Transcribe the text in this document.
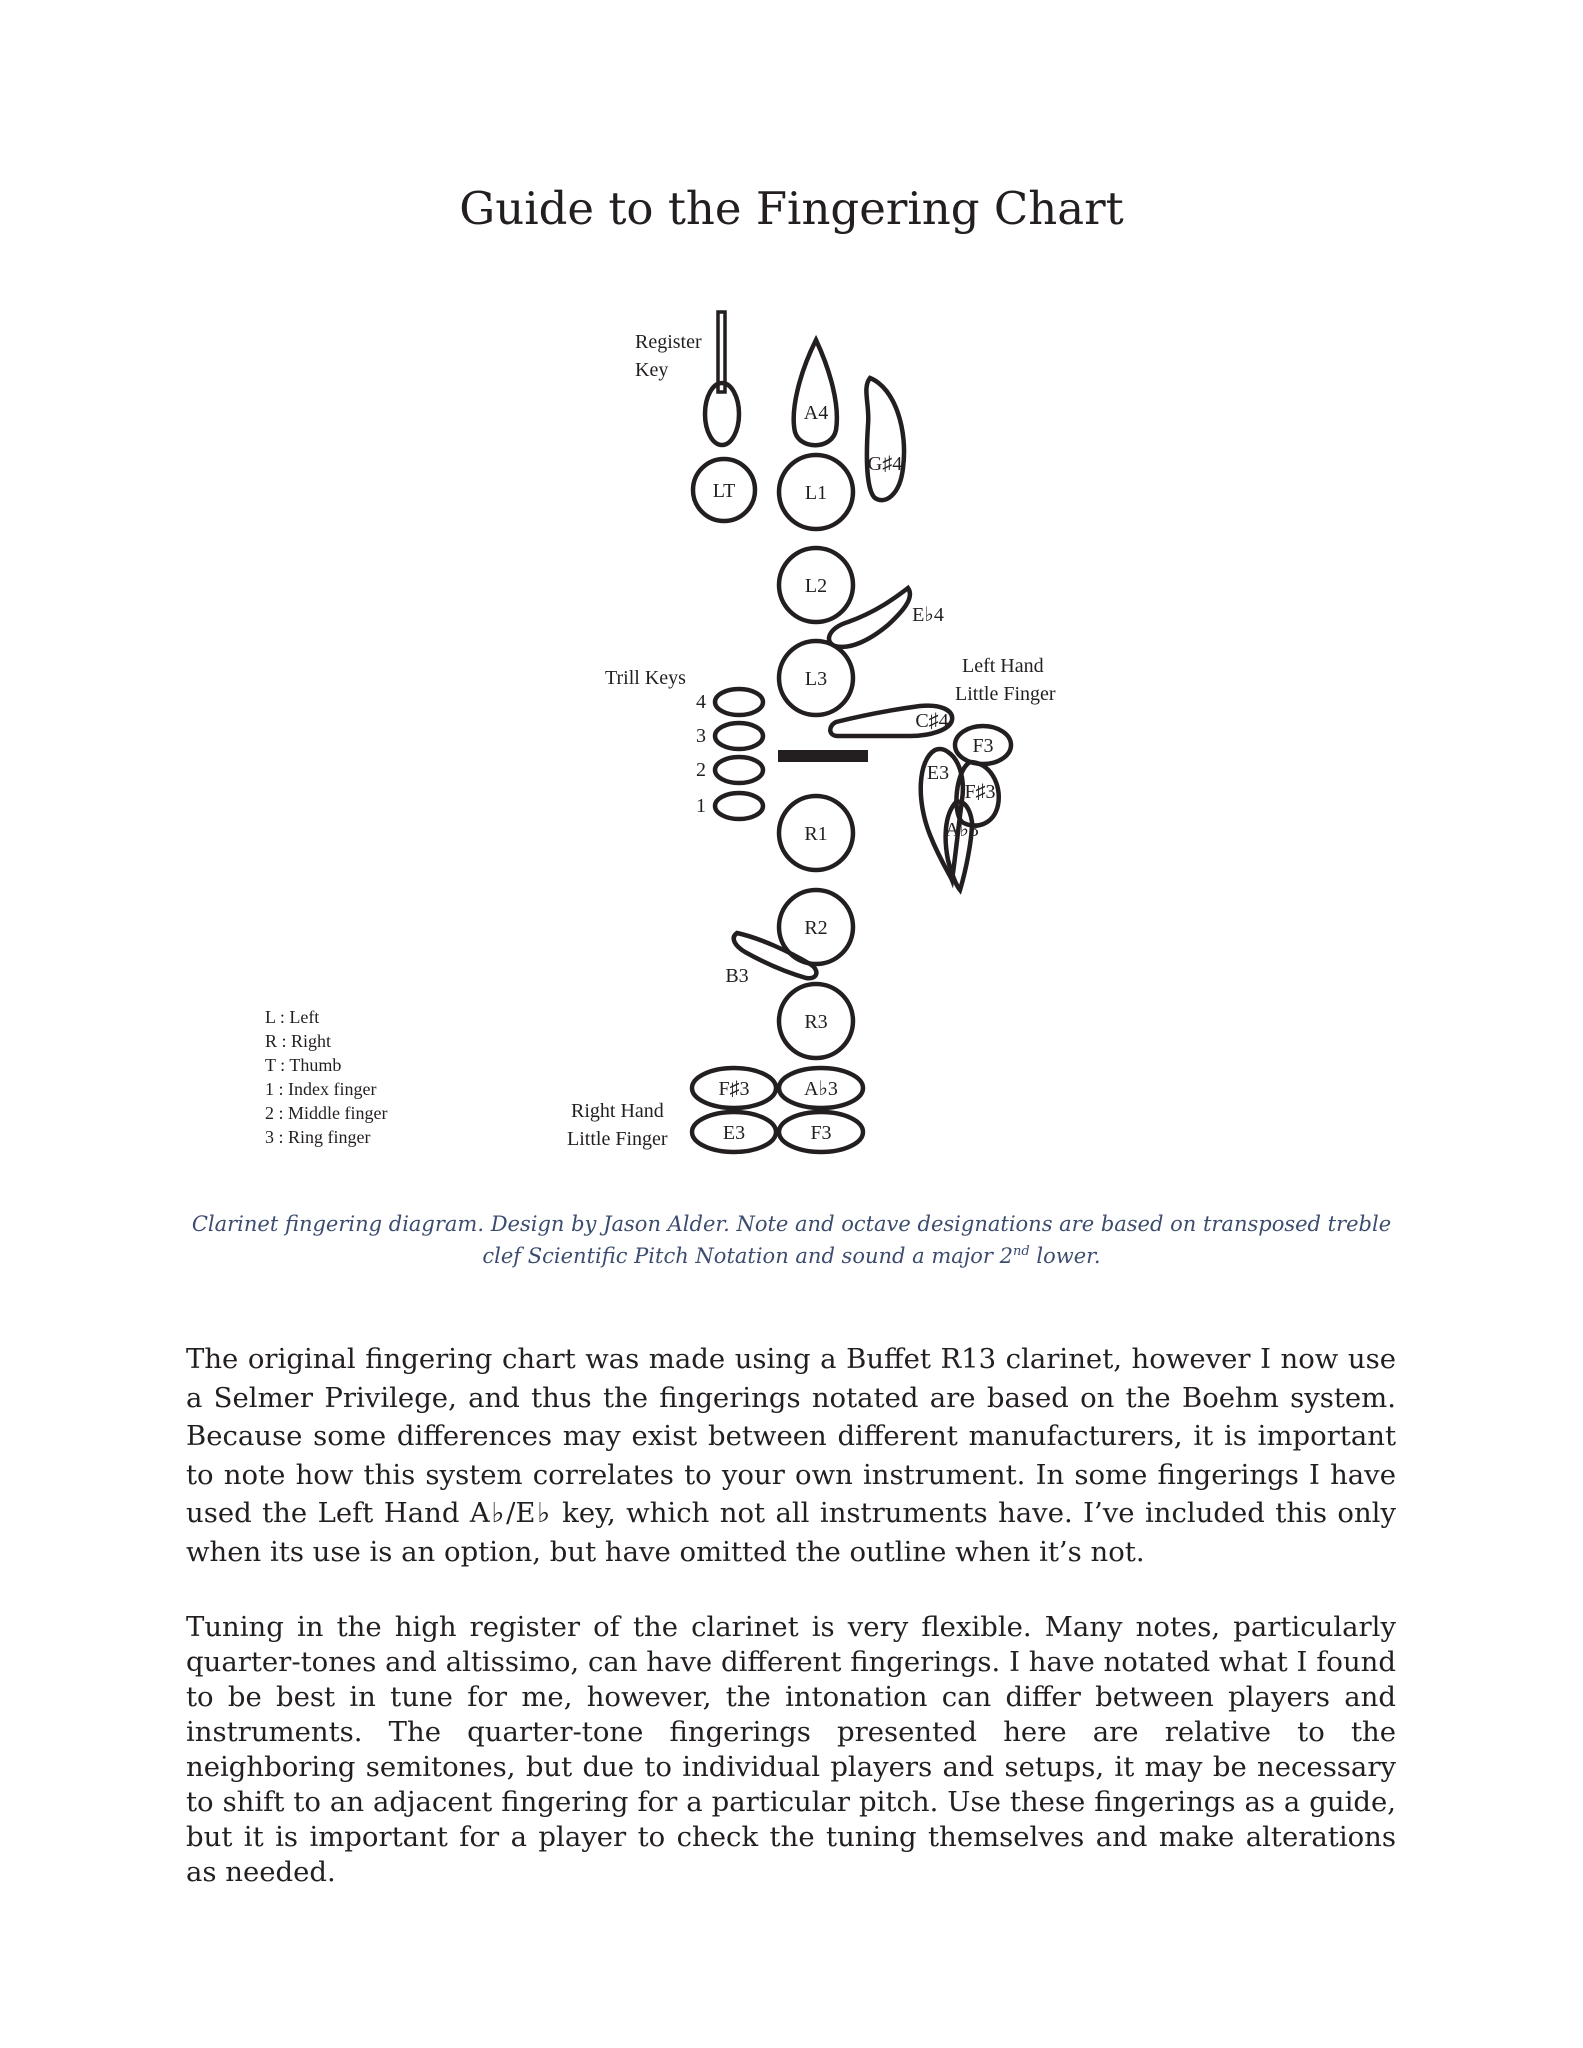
Guide to the Fingering Chart
Register
Key
Trill Keys
4
3
2
1
Left Hand
Little Finger
Right Hand
Little Finger
LT	L1
L2
L3
A4
G♯4
E♭4
C♯4
F3
E3
F♯3
A♭3
R1
R2
R3
B3
F♯3	A♭3
E3	F3
L : Left
R : Right
T : Thumb
1 : Index finger
2 : Middle finger
3 : Ring finger
Clarinet fingering diagram. Design by Jason Alder. Note and octave designations are based on transposed treble
clef Scientific Pitch Notation and sound a major 2nd lower.

The original fingering chart was made using a Buffet R13 clarinet, however I now use a Selmer Privilege, and thus the fingerings notated are based on the Boehm system. Because some differences may exist between different manufacturers, it is important to note how this system correlates to your own instrument. In some fingerings I have used the Left Hand A♭/E♭ key, which not all instruments have. I’ve included this only when its use is an option, but have omitted the outline when it’s not.

Tuning in the high register of the clarinet is very flexible. Many notes, particularly quarter-tones and altissimo, can have different fingerings. I have notated what I found to be best in tune for me, however, the intonation can differ between players and instruments. The quarter-tone fingerings presented here are relative to the neighboring semitones, but due to individual players and setups, it may be necessary to shift to an adjacent fingering for a particular pitch. Use these fingerings as a guide, but it is important for a player to check the tuning themselves and make alterations as needed.
